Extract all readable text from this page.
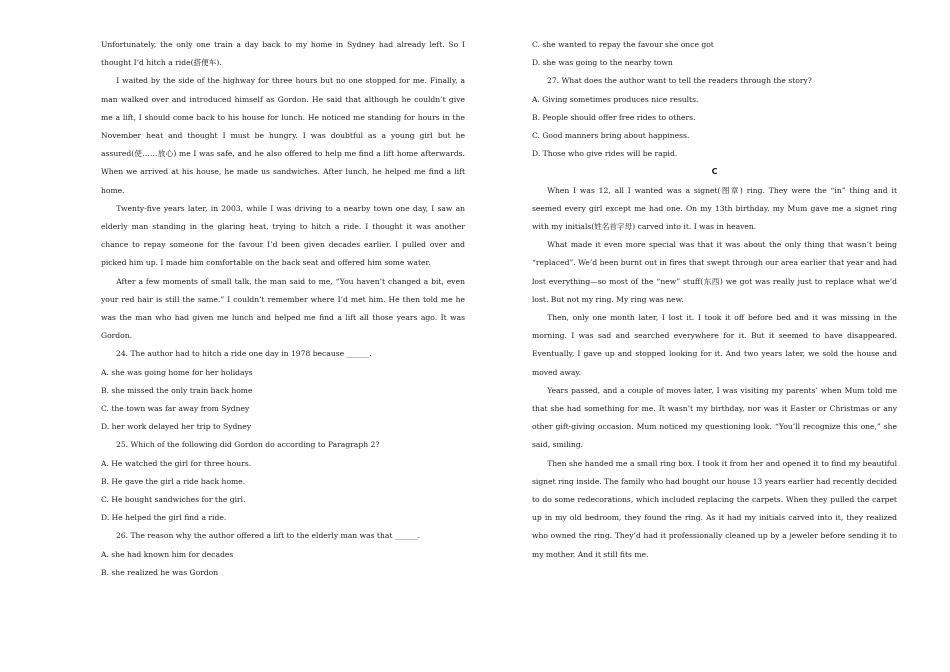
Unfortunately, the only one train a day back to my home in Sydney had already left. So I thought I’d hitch a ride(搭便车).

I waited by the side of the highway for three hours but no one stopped for me. Finally, a man walked over and introduced himself as Gordon. He said that although he couldn’t give me a lift, I should come back to his house for lunch. He noticed me standing for hours in the November heat and thought I must be hungry. I was doubtful as a young girl but he assured(使……放心) me I was safe, and he also offered to help me find a lift home afterwards. When we arrived at his house, he made us sandwiches. After lunch, he helped me find a lift home.

Twenty-five years later, in 2003, while I was driving to a nearby town one day, I saw an elderly man standing in the glaring heat, trying to hitch a ride. I thought it was another chance to repay someone for the favour I’d been given decades earlier. I pulled over and picked him up. I made him comfortable on the back seat and offered him some water.

After a few moments of small talk, the man said to me, “You haven’t changed a bit, even your red hair is still the same.” I couldn’t remember where I’d met him. He then told me he was the man who had given me lunch and helped me find a lift all those years ago. It was Gordon.

24. The author had to hitch a ride one day in 1978 because ______.

A. she was going home for her holidays

B. she missed the only train back home

C. the town was far away from Sydney

D. her work delayed her trip to Sydney

25. Which of the following did Gordon do according to Paragraph 2?

A. He watched the girl for three hours.

B. He gave the girl a ride back home.

C. He bought sandwiches for the girl.

D. He helped the girl find a ride.

26. The reason why the author offered a lift to the elderly man was that ______.

A. she had known him for decades

B. she realized he was Gordon

C. she wanted to repay the favour she once got

D. she was going to the nearby town

27. What does the author want to tell the readers through the story?

A. Giving sometimes produces nice results.

B. People should offer free rides to others.

C. Good manners bring about happiness.

D. Those who give rides will be rapid.

C

When I was 12, all I wanted was a signet(图章) ring. They were the “in” thing and it seemed every girl except me had one. On my 13th birthday, my Mum gave me a signet ring with my initials(姓名首字母) carved into it. I was in heaven.

What made it even more special was that it was about the only thing that wasn’t being “replaced”. We’d been burnt out in fires that swept through our area earlier that year and had lost everything—so most of the “new” stuff(东西) we got was really just to replace what we’d lost. But not my ring. My ring was new.

Then, only one month later, I lost it. I took it off before bed and it was missing in the morning. I was sad and searched everywhere for it. But it seemed to have disappeared. Eventually, I gave up and stopped looking for it. And two years later, we sold the house and moved away.

Years passed, and a couple of moves later, I was visiting my parents’ when Mum told me that she had something for me. It wasn’t my birthday, nor was it Easter or Christmas or any other gift-giving occasion. Mum noticed my questioning look. “You’ll recognize this one,” she said, smiling.

Then she handed me a small ring box. I took it from her and opened it to find my beautiful signet ring inside. The family who had bought our house 13 years earlier had recently decided to do some redecorations, which included replacing the carpets. When they pulled the carpet up in my old bedroom, they found the ring. As it had my initials carved into it, they realized who owned the ring. They’d had it professionally cleaned up by a jeweler before sending it to my mother. And it still fits me.
